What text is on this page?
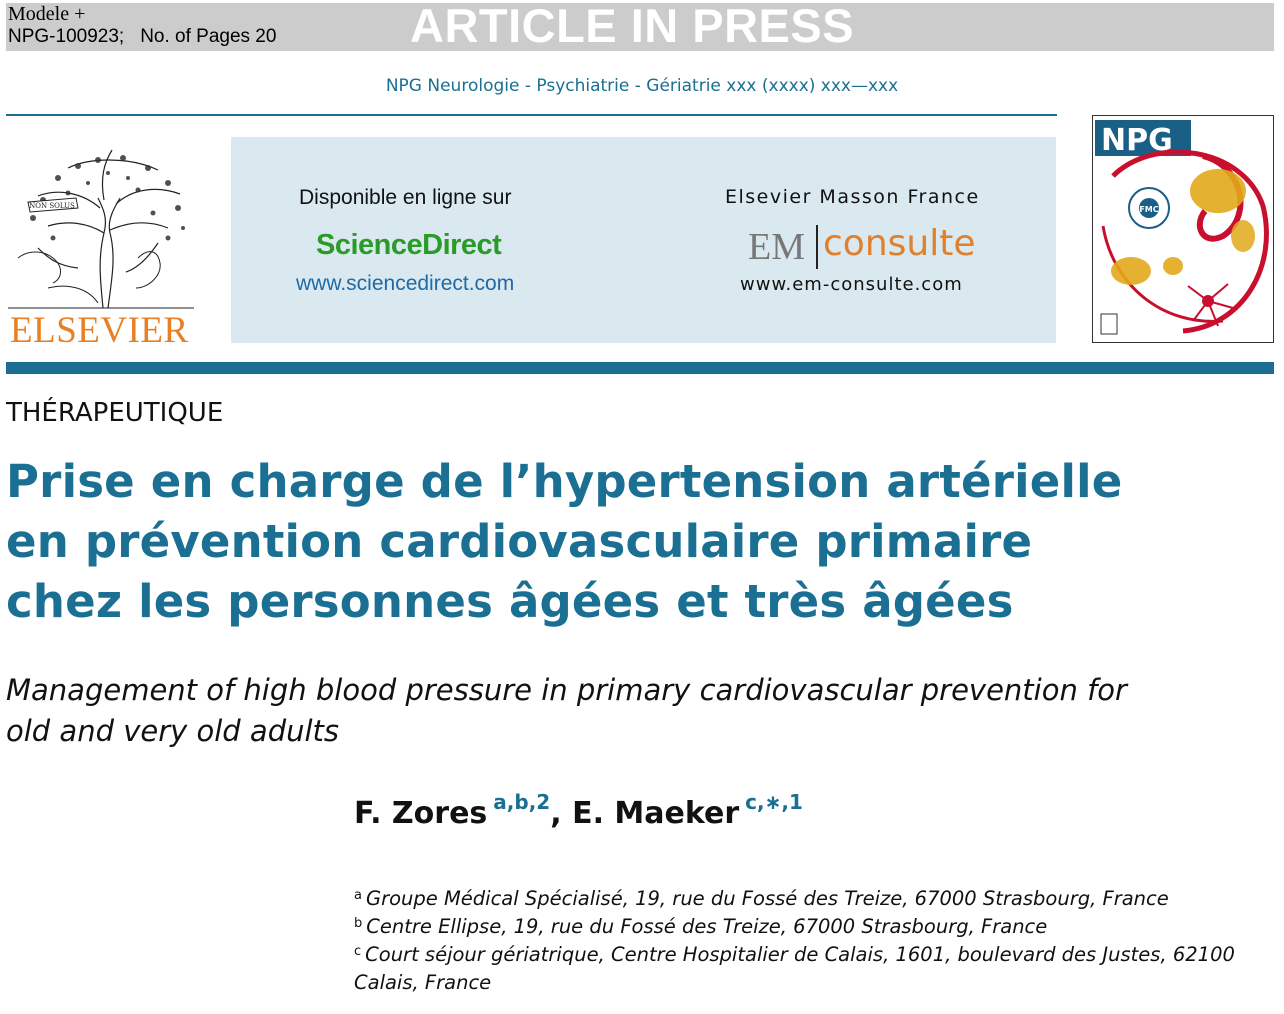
Modele +
NPG-100923; No. of Pages 20	ARTICLE IN PRESS
NPG Neurologie - Psychiatrie - Gériatrie xxx (xxxx) xxx—xxx
NON SOLUS
ELSEVIER
Disponible en ligne sur
ScienceDirect
www.sciencedirect.com
Elsevier Masson France
EM consulte
www.em-consulte.com
NPG
FMC
THÉRAPEUTIQUE
Prise en charge de l’hypertension artérielle
en prévention cardiovasculaire primaire
chez les personnes âgées et très âgées
Management of high blood pressure in primary cardiovascular prevention for
old and very old adults
F. Zores $^{a,b,2}$, E. Maeker $^{c,∗,1}$
$^a$ Groupe Médical Spécialisé, 19, rue du Fossé des Treize, 67000 Strasbourg, France
$^b$ Centre Ellipse, 19, rue du Fossé des Treize, 67000 Strasbourg, France
$^c$ Court séjour gériatrique, Centre Hospitalier de Calais, 1601, boulevard des Justes, 62100
Calais, France
